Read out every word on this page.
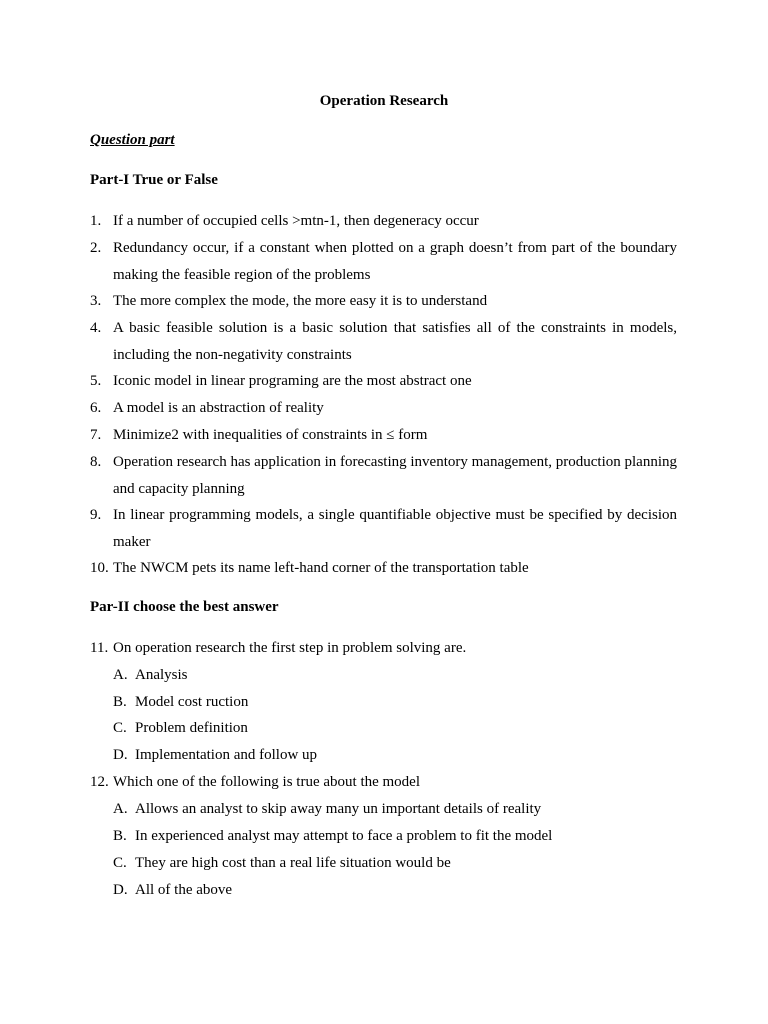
Operation Research
Question part
Part-I True or False
1. If a number of occupied cells >mtn-1, then degeneracy occur
2. Redundancy occur, if a constant when plotted on a graph doesn’t from part of the boundary making the feasible region of the problems
3. The more complex the mode, the more easy it is to understand
4. A basic feasible solution is a basic solution that satisfies all of the constraints in models, including the non-negativity constraints
5. Iconic model in linear programing are the most abstract one
6. A model is an abstraction of reality
7. Minimize2 with inequalities of constraints in ≤ form
8. Operation research has application in forecasting inventory management, production planning and capacity planning
9. In linear programming models, a single quantifiable objective must be specified by decision maker
10. The NWCM pets its name left-hand corner of the transportation table
Par-II choose the best answer
11. On operation research the first step in problem solving are.
A. Analysis
B. Model cost ruction
C. Problem definition
D. Implementation and follow up
12. Which one of the following is true about the model
A. Allows an analyst to skip away many un important details of reality
B. In experienced analyst may attempt to face a problem to fit the model
C. They are high cost than a real life situation would be
D. All of the above
